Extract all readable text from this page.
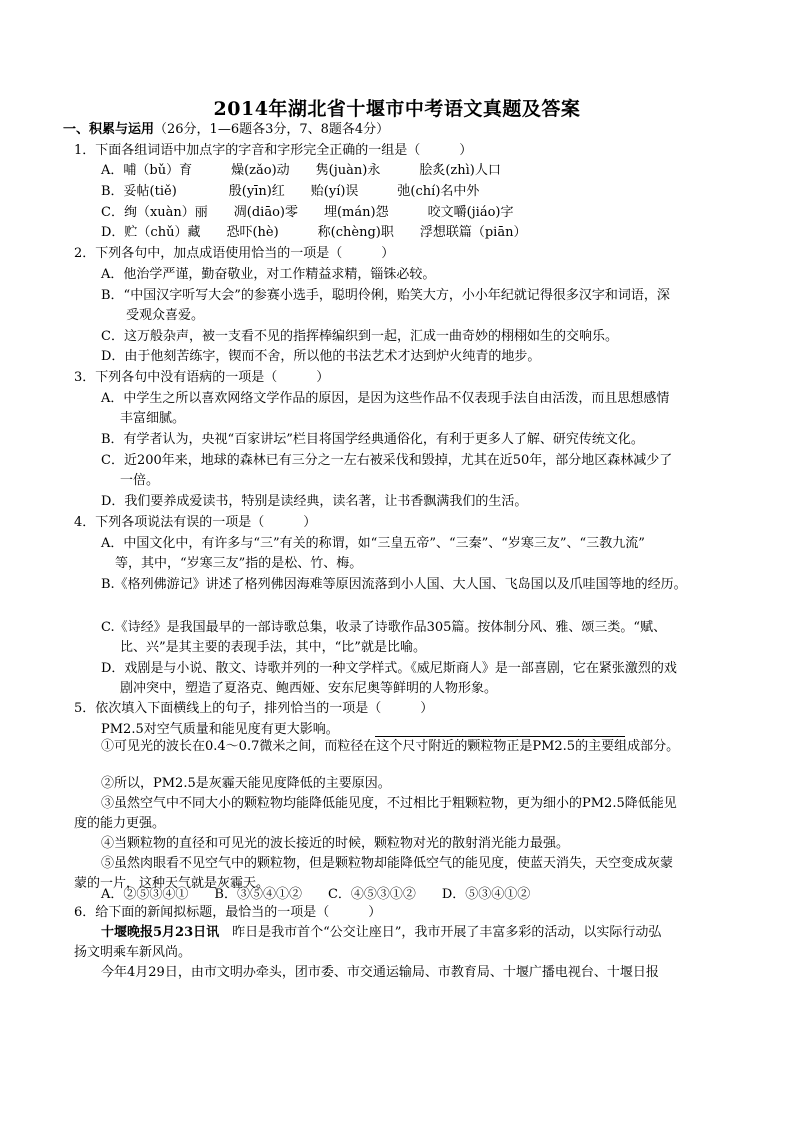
2014年湖北省十堰市中考语文真题及答案
一、积累与运用（26分，1—6题各3分，7、8题各4分）
1．下面各组词语中加点字的字音和字形完全正确的一组是（　　　）
A．哺（bǔ）育　　　燥(zǎo)动　　隽(juàn)永　　　脍炙(zhì)人口
B．妥帖(tiě)　　　　殷(yīn)红　　贻(yí)误　　　弛(chí)名中外
C．绚（xuàn）丽　　凋(diāo)零　　埋(mán)怨　　　咬文嚼(jiáo)字
D．贮（chǔ）藏　　恐吓(hè)　　　称(chèng)职　　浮想联篇（piān）
2．下列各句中，加点成语使用恰当的一项是（　　　）
A．他治学严谨，勤奋敬业，对工作精益求精，锱铢必较。
B．“中国汉字听写大会”的参赛小选手，聪明伶俐，贻笑大方，小小年纪就记得很多汉字和词语，深
受观众喜爱。
C．这万般杂声，被一支看不见的指挥棒编织到一起，汇成一曲奇妙的栩栩如生的交响乐。
D．由于他刻苦练字，锲而不舍，所以他的书法艺术才达到炉火纯青的地步。
3．下列各句中没有语病的一项是（　　　）
A．中学生之所以喜欢网络文学作品的原因，是因为这些作品不仅表现手法自由活泼，而且思想感情
丰富细腻。
B．有学者认为，央视“百家讲坛”栏目将国学经典通俗化，有利于更多人了解、研究传统文化。
C．近200年来，地球的森林已有三分之一左右被采伐和毁掉，尤其在近50年，部分地区森林减少了
一倍。
D．我们要养成爱读书，特别是读经典，读名著，让书香飘满我们的生活。
4．下列各项说法有误的一项是（　　　）
A．中国文化中，有许多与“三”有关的称谓，如“三皇五帝”、“三秦”、“岁寒三友”、“三教九流”
等，其中，“岁寒三友”指的是松、竹、梅。
B.《格列佛游记》讲述了格列佛因海难等原因流落到小人国、大人国、飞岛国以及爪哇国等地的经历。
C.《诗经》是我国最早的一部诗歌总集，收录了诗歌作品305篇。按体制分风、雅、颂三类。“赋、
比、兴”是其主要的表现手法，其中，“比”就是比喻。
D．戏剧是与小说、散文、诗歌并列的一种文学样式。《威尼斯商人》是一部喜剧，它在紧张激烈的戏
剧冲突中，塑造了夏洛克、鲍西娅、安东尼奥等鲜明的人物形象。
5．依次填入下面横线上的句子，排列恰当的一项是（　　　）
PM2.5对空气质量和能见度有更大影响。
①可见光的波长在0.4～0.7微米之间，而粒径在这个尺寸附近的颗粒物正是PM2.5的主要组成部分。
②所以，PM2.5是灰霾天能见度降低的主要原因。
③虽然空气中不同大小的颗粒物均能降低能见度，不过相比于粗颗粒物，更为细小的PM2.5降低能见
度的能力更强。
④当颗粒物的直径和可见光的波长接近的时候，颗粒物对光的散射消光能力最强。
⑤虽然肉眼看不见空气中的颗粒物，但是颗粒物却能降低空气的能见度，使蓝天消失，天空变成灰蒙
蒙的一片，这种天气就是灰霾天。
A．②⑤③④①　　B．③⑤④①②　　C．④⑤③①②　　D．⑤③④①②
6．给下面的新闻拟标题，最恰当的一项是（　　　）
十堰晚报5月23日讯　昨日是我市首个“公交让座日”，我市开展了丰富多彩的活动，以实际行动弘
扬文明乘车新风尚。
今年4月29日，由市文明办牵头，团市委、市交通运输局、市教育局、十堰广播电视台、十堰日报
